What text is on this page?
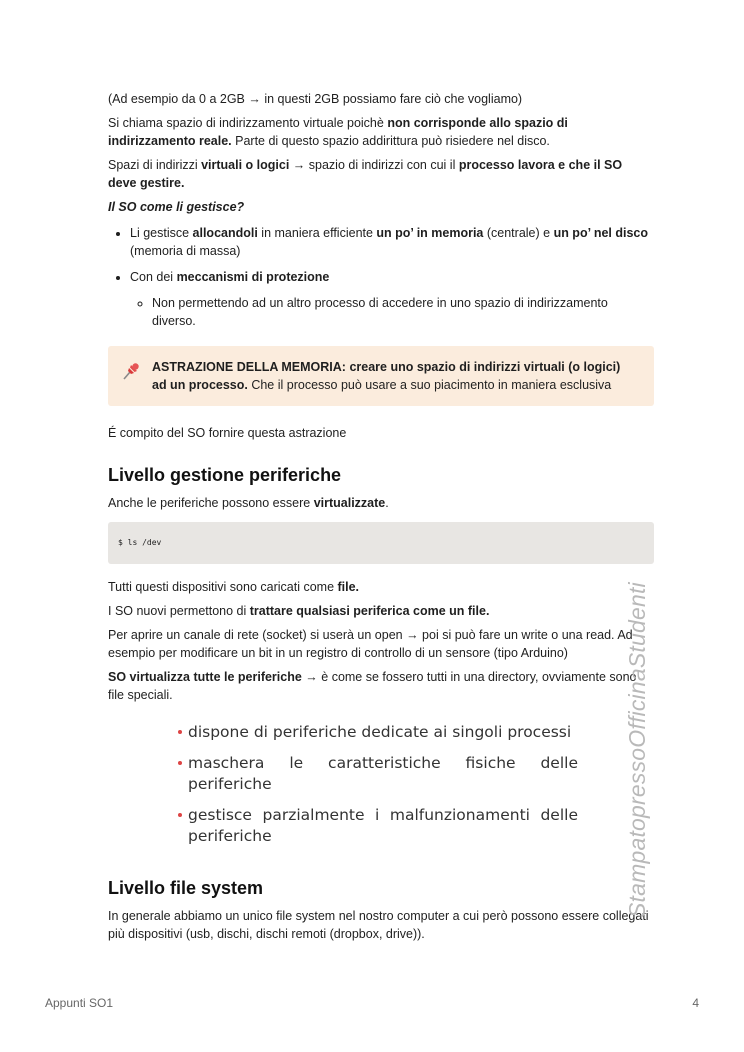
(Ad esempio da 0 a 2GB → in questi 2GB possiamo fare ciò che vogliamo)

Si chiama spazio di indirizzamento virtuale poichè non corrisponde allo spazio di indirizzamento reale. Parte di questo spazio addirittura può risiedere nel disco.

Spazi di indirizzi virtuali o logici → spazio di indirizzi con cui il processo lavora e che il SO deve gestire.

Il SO come li gestisce?

• Li gestisce allocandoli in maniera efficiente un po’ in memoria (centrale) e un po’ nel disco (memoria di massa)
• Con dei meccanismi di protezione
◦ Non permettendo ad un altro processo di accedere in uno spazio di indirizzamento diverso.
ASTRAZIONE DELLA MEMORIA: creare uno spazio di indirizzi virtuali (o logici) ad un processo. Che il processo può usare a suo piacimento in maniera esclusiva

É compito del SO fornire questa astrazione

Livello gestione periferiche

Anche le periferiche possono essere virtualizzate.

$ ls /dev

Tutti questi dispositivi sono caricati come file.

I SO nuovi permettono di trattare qualsiasi periferica come un file.

Per aprire un canale di rete (socket) si userà un open → poi si può fare un write o una read. Ad esempio per modificare un bit in un registro di controllo di un sensore (tipo Arduino)

SO virtualizza tutte le periferiche → è come se fossero tutti in una directory, ovviamente sono file speciali.

dispone di periferiche dedicate ai singoli processi
maschera le caratteristiche fisiche delle periferiche
gestisce parzialmente i malfunzionamenti delle periferiche
Livello file system

In generale abbiamo un unico file system nel nostro computer a cui però possono essere collegati più dispositivi (usb, dischi, dischi remoti (dropbox, drive)).

StampatopressoOfficinaStudenti
Appunti SO1	4
